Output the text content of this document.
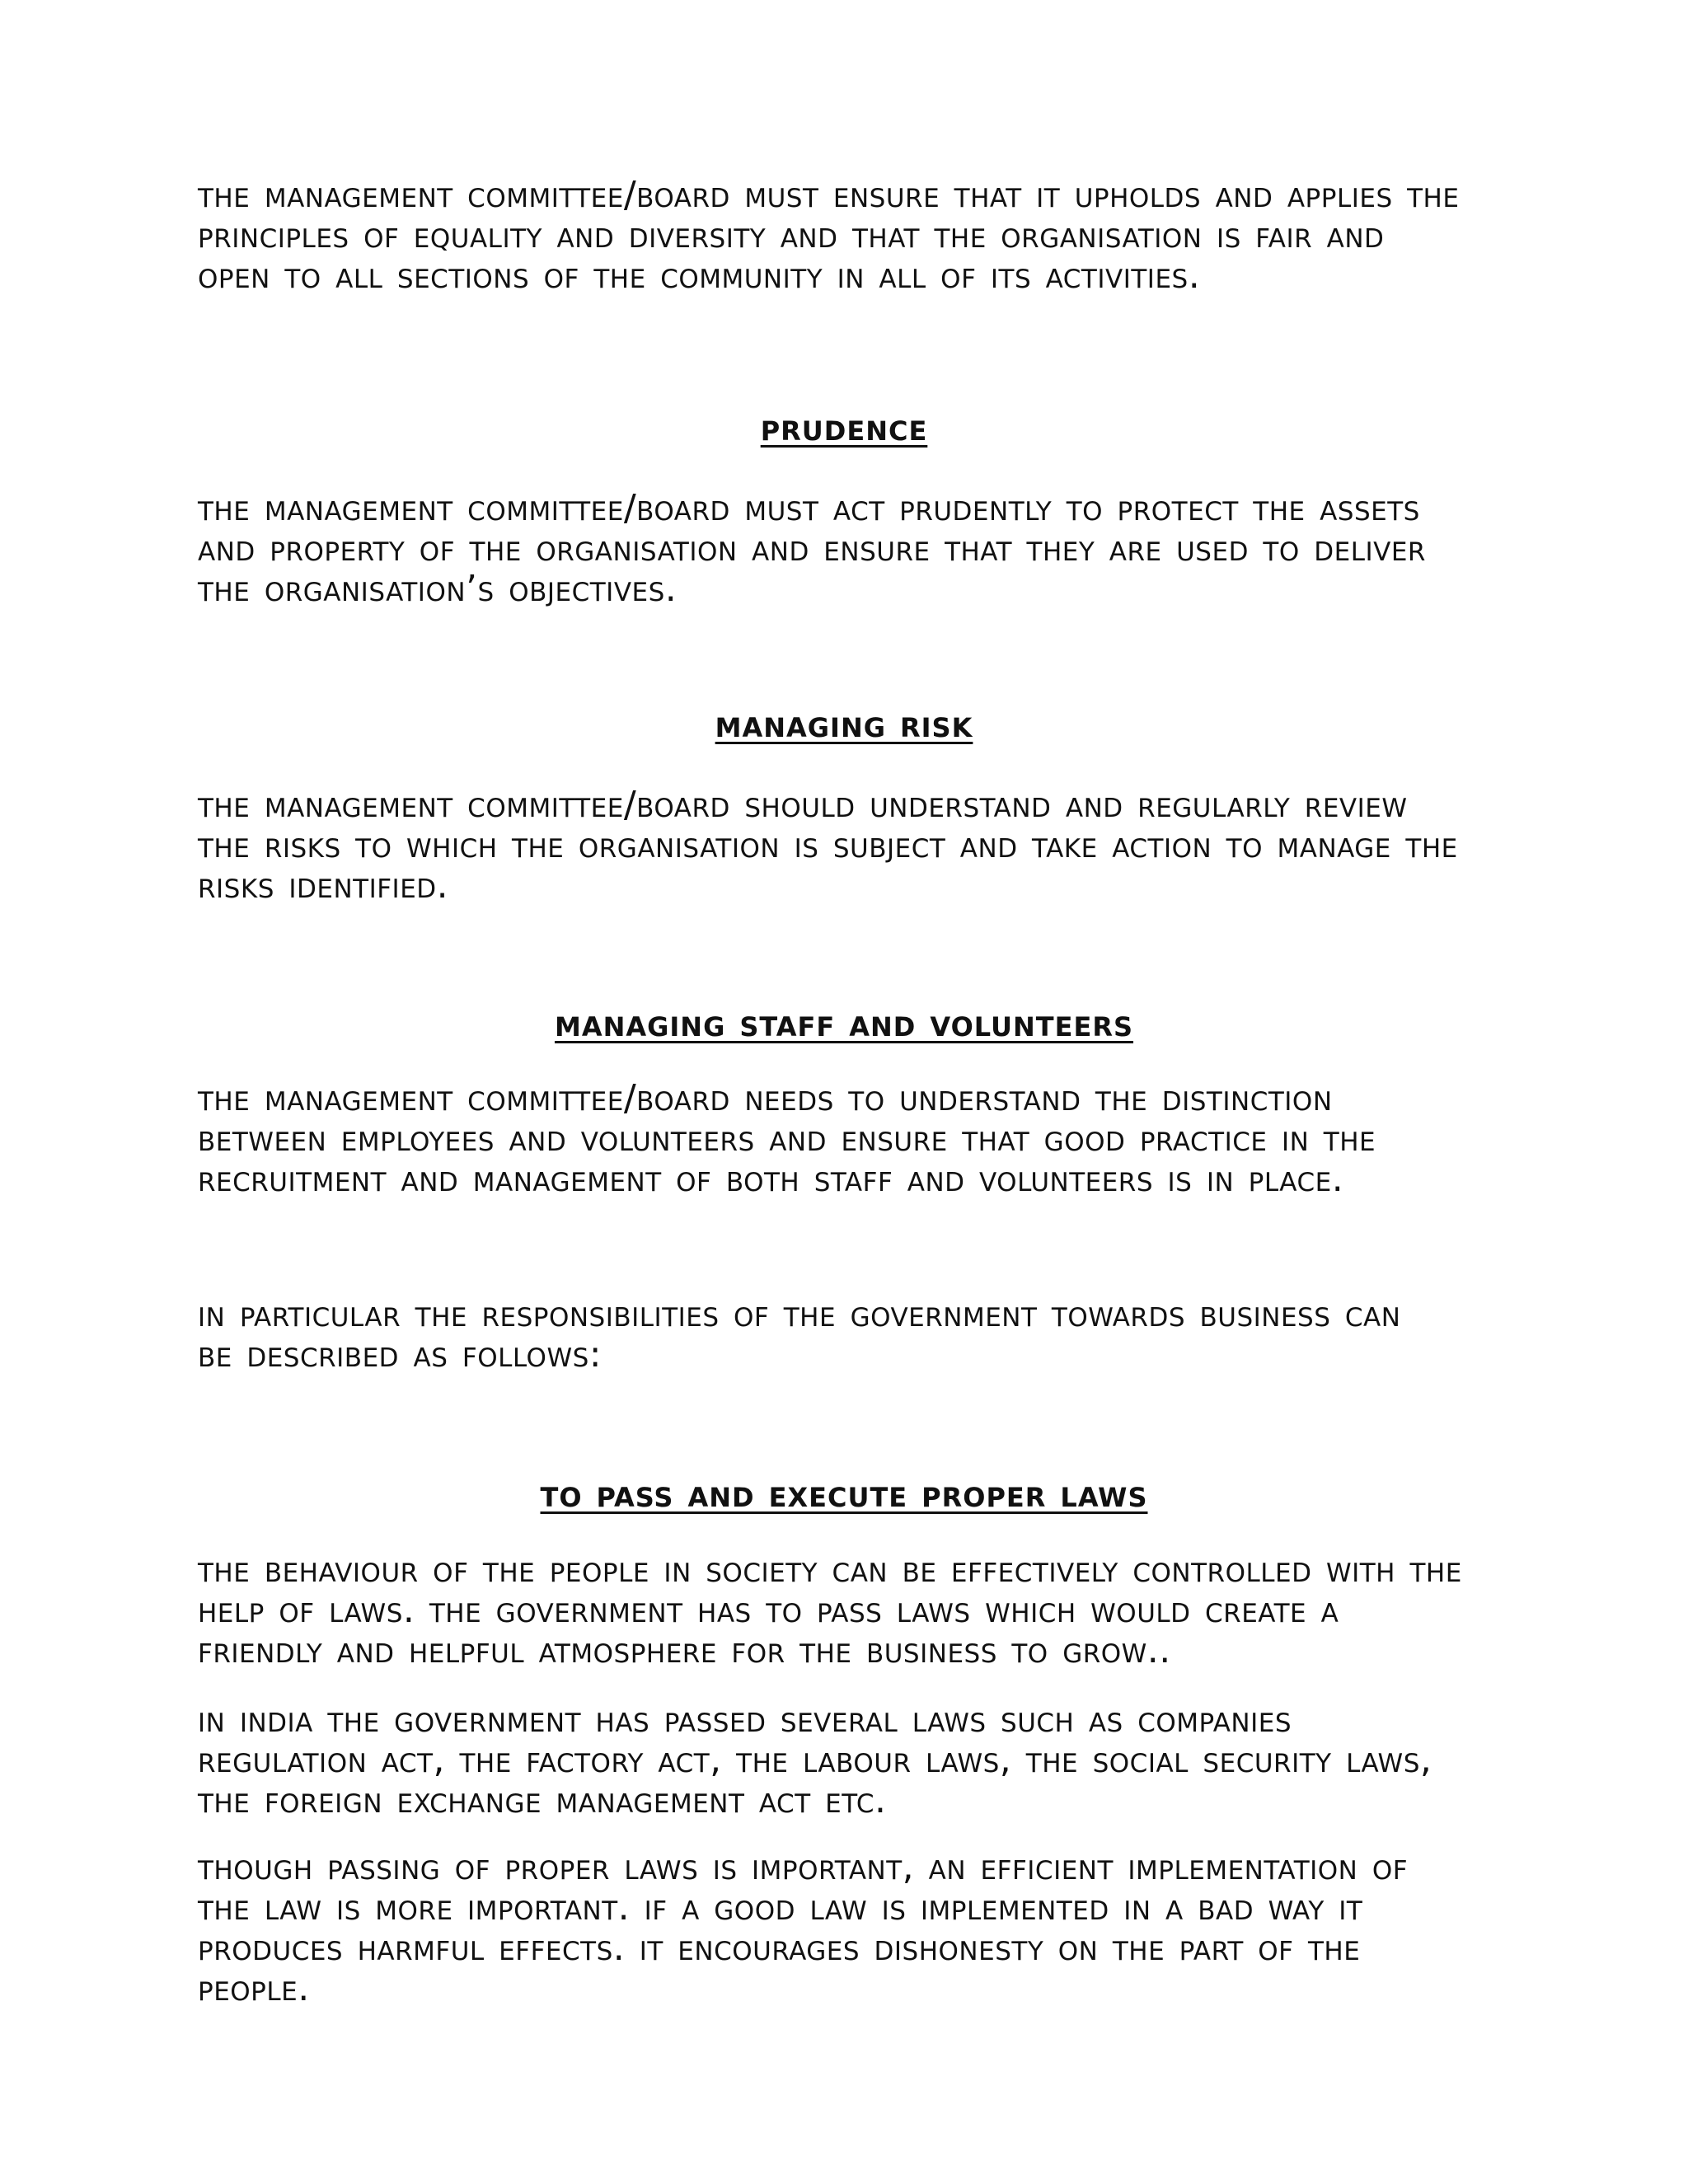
the management committee/board must ensure that it upholds and applies the
principles of equality and diversity and that the organisation is fair and
open to all sections of the community in all of its activities.
prudence
the management committee/board must act prudently to protect the assets
and property of the organisation and ensure that they are used to deliver
the organisation’s objectives.
managing risk
the management committee/board should understand and regularly review
the risks to which the organisation is subject and take action to manage the
risks identified.
managing staff and volunteers
the management committee/board needs to understand the distinction
between employees and volunteers and ensure that good practice in the
recruitment and management of both staff and volunteers is in place.
in particular the responsibilities of the government towards business can
be described as follows:
to pass and execute proper laws
the behaviour of the people in society can be effectively controlled with the
help of laws. the government has to pass laws which would create a
friendly and helpful atmosphere for the business to grow..
in india the government has passed several laws such as companies
regulation act, the factory act, the labour laws, the social security laws,
the foreign exchange management act etc.
though passing of proper laws is important, an efficient implementation of
the law is more important. if a good law is implemented in a bad way it
produces harmful effects. it encourages dishonesty on the part of the
people.
